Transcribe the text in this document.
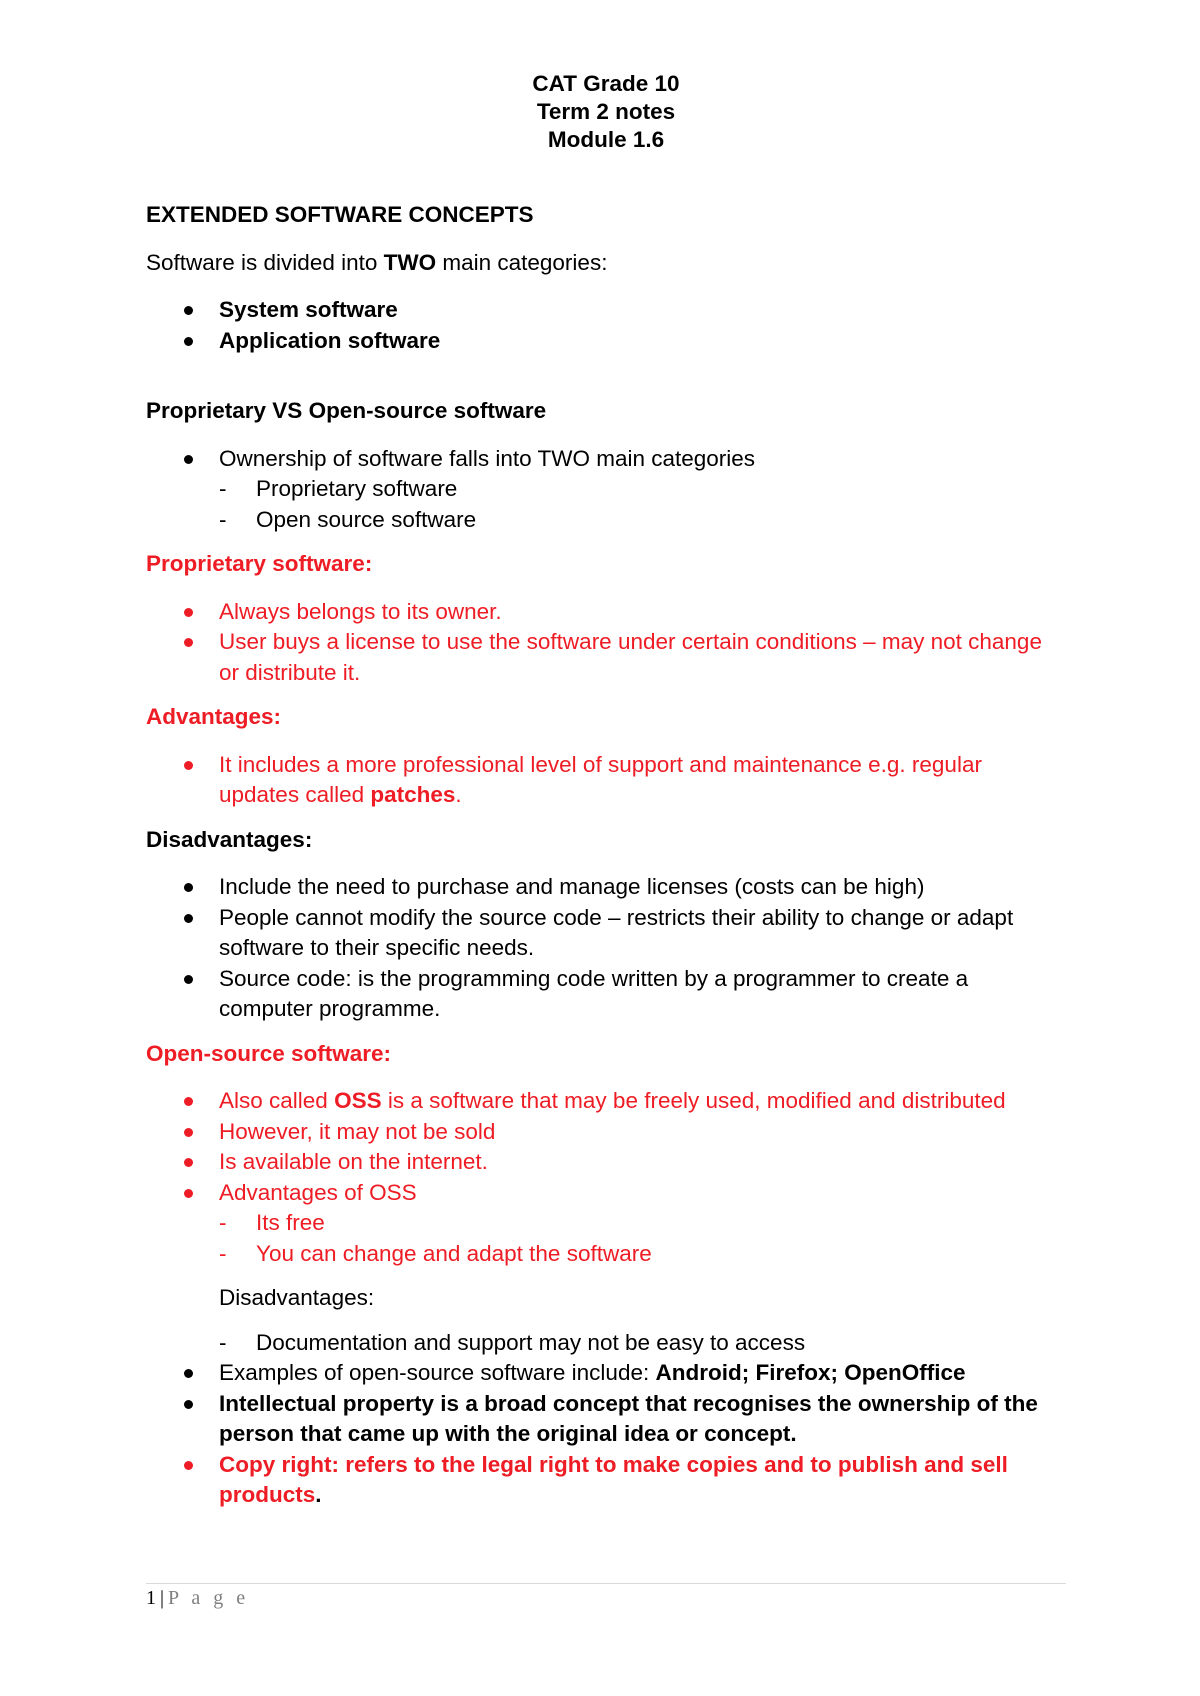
CAT Grade 10

Term 2 notes

Module 1.6

EXTENDED SOFTWARE CONCEPTS

Software is divided into TWO main categories:

System software
Application software

Proprietary VS Open-source software

Ownership of software falls into TWO main categories
- Proprietary software
- Open source software

Proprietary software:

Always belongs to its owner.
User buys a license to use the software under certain conditions – may not change or distribute it.

Advantages:

It includes a more professional level of support and maintenance e.g. regular updates called patches.

Disadvantages:

Include the need to purchase and manage licenses (costs can be high)
People cannot modify the source code – restricts their ability to change or adapt software to their specific needs.
Source code: is the programming code written by a programmer to create a computer programme.

Open-source software:

Also called OSS is a software that may be freely used, modified and distributed
However, it may not be sold
Is available on the internet.
Advantages of OSS
- Its free
- You can change and adapt the software

Disadvantages:

- Documentation and support may not be easy to access
Examples of open-source software include: Android; Firefox; OpenOffice
Intellectual property is a broad concept that recognises the ownership of the person that came up with the original idea or concept.
Copy right: refers to the legal right to make copies and to publish and sell products.
1 | P a g e
